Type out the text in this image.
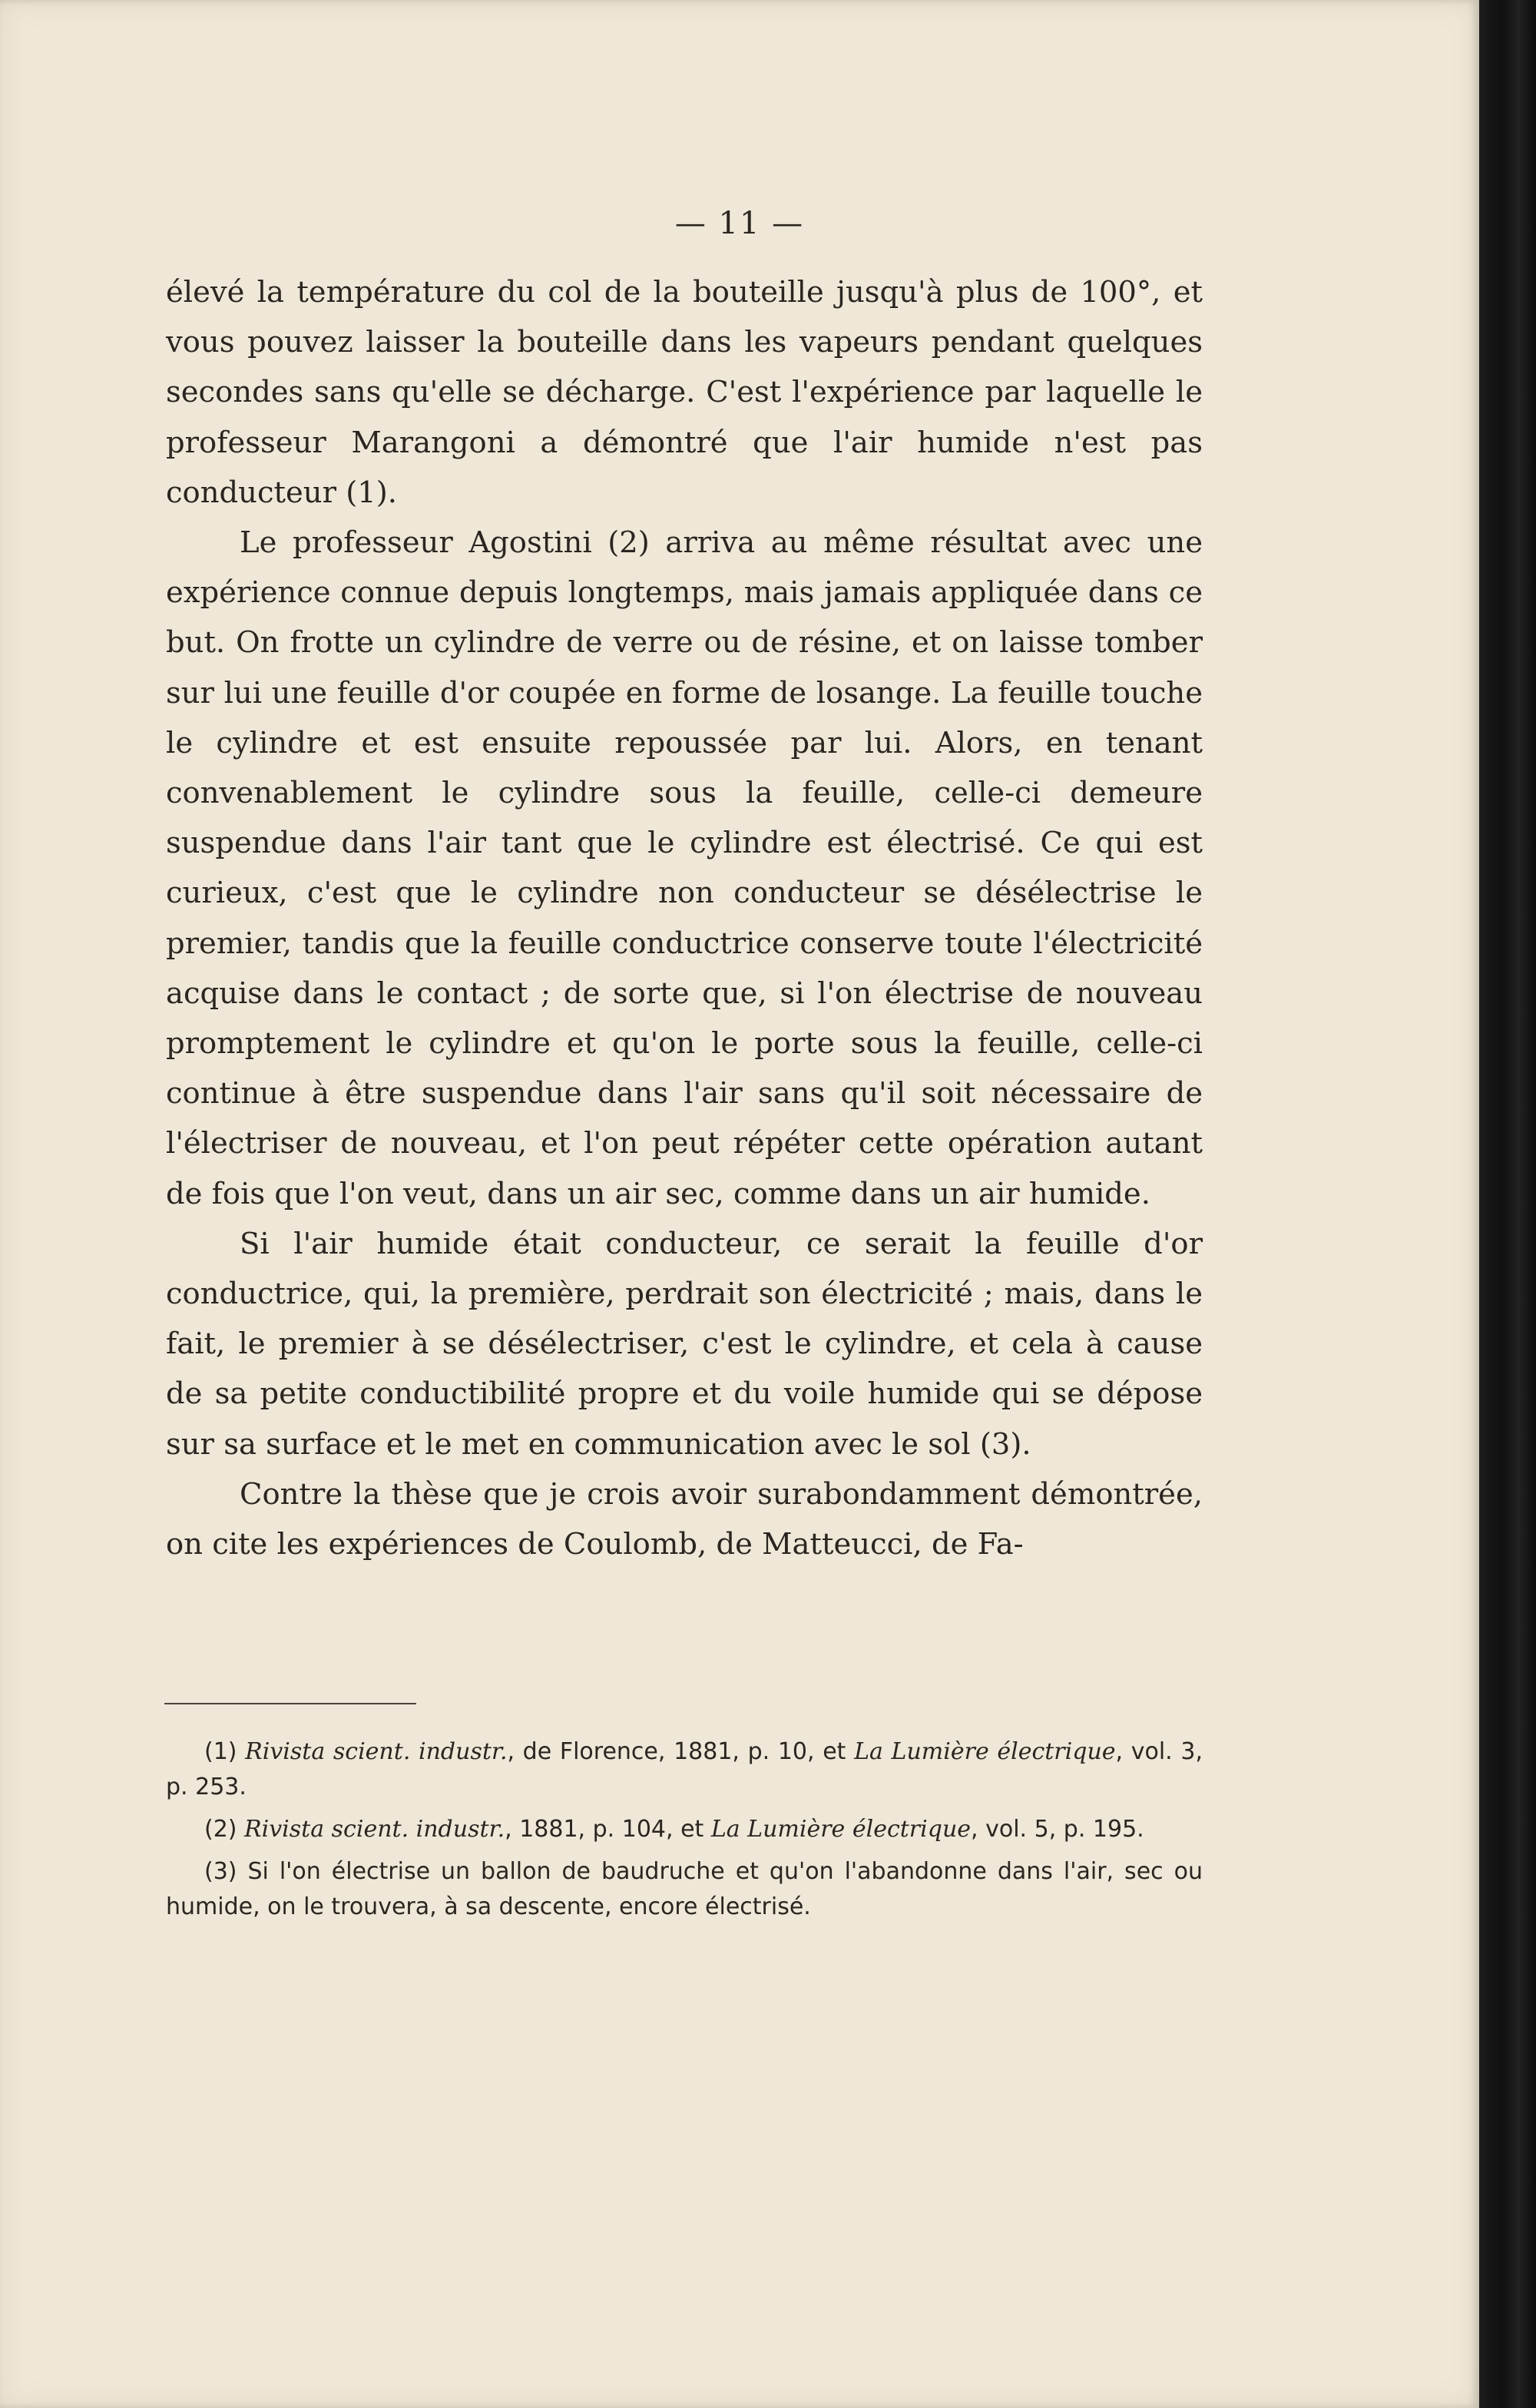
— 11 —

élevé la température du col de la bouteille jusqu'à plus de 100°, et vous pouvez laisser la bouteille dans les vapeurs pendant quelques secondes sans qu'elle se décharge. C'est l'expérience par laquelle le professeur Marangoni a démontré que l'air humide n'est pas conducteur (1).

Le professeur Agostini (2) arriva au même résultat avec une expérience connue depuis longtemps, mais jamais appliquée dans ce but. On frotte un cylindre de verre ou de résine, et on laisse tomber sur lui une feuille d'or coupée en forme de losange. La feuille touche le cylindre et est ensuite repoussée par lui. Alors, en tenant convenablement le cylindre sous la feuille, celle-ci demeure suspendue dans l'air tant que le cylindre est électrisé. Ce qui est curieux, c'est que le cylindre non conducteur se désélectrise le premier, tandis que la feuille conductrice conserve toute l'électricité acquise dans le contact ; de sorte que, si l'on électrise de nouveau promptement le cylindre et qu'on le porte sous la feuille, celle-ci continue à être suspendue dans l'air sans qu'il soit nécessaire de l'électriser de nouveau, et l'on peut répéter cette opération autant de fois que l'on veut, dans un air sec, comme dans un air humide.

Si l'air humide était conducteur, ce serait la feuille d'or conductrice, qui, la première, perdrait son électricité ; mais, dans le fait, le premier à se désélectriser, c'est le cylindre, et cela à cause de sa petite conductibilité propre et du voile humide qui se dépose sur sa surface et le met en communication avec le sol (3).

Contre la thèse que je crois avoir surabondamment démontrée, on cite les expériences de Coulomb, de Matteucci, de Fa-

(1) Rivista scient. industr., de Florence, 1881, p. 10, et La Lumière électrique, vol. 3, p. 253.

(2) Rivista scient. industr., 1881, p. 104, et La Lumière électrique, vol. 5, p. 195.

(3) Si l'on électrise un ballon de baudruche et qu'on l'abandonne dans l'air, sec ou humide, on le trouvera, à sa descente, encore électrisé.
